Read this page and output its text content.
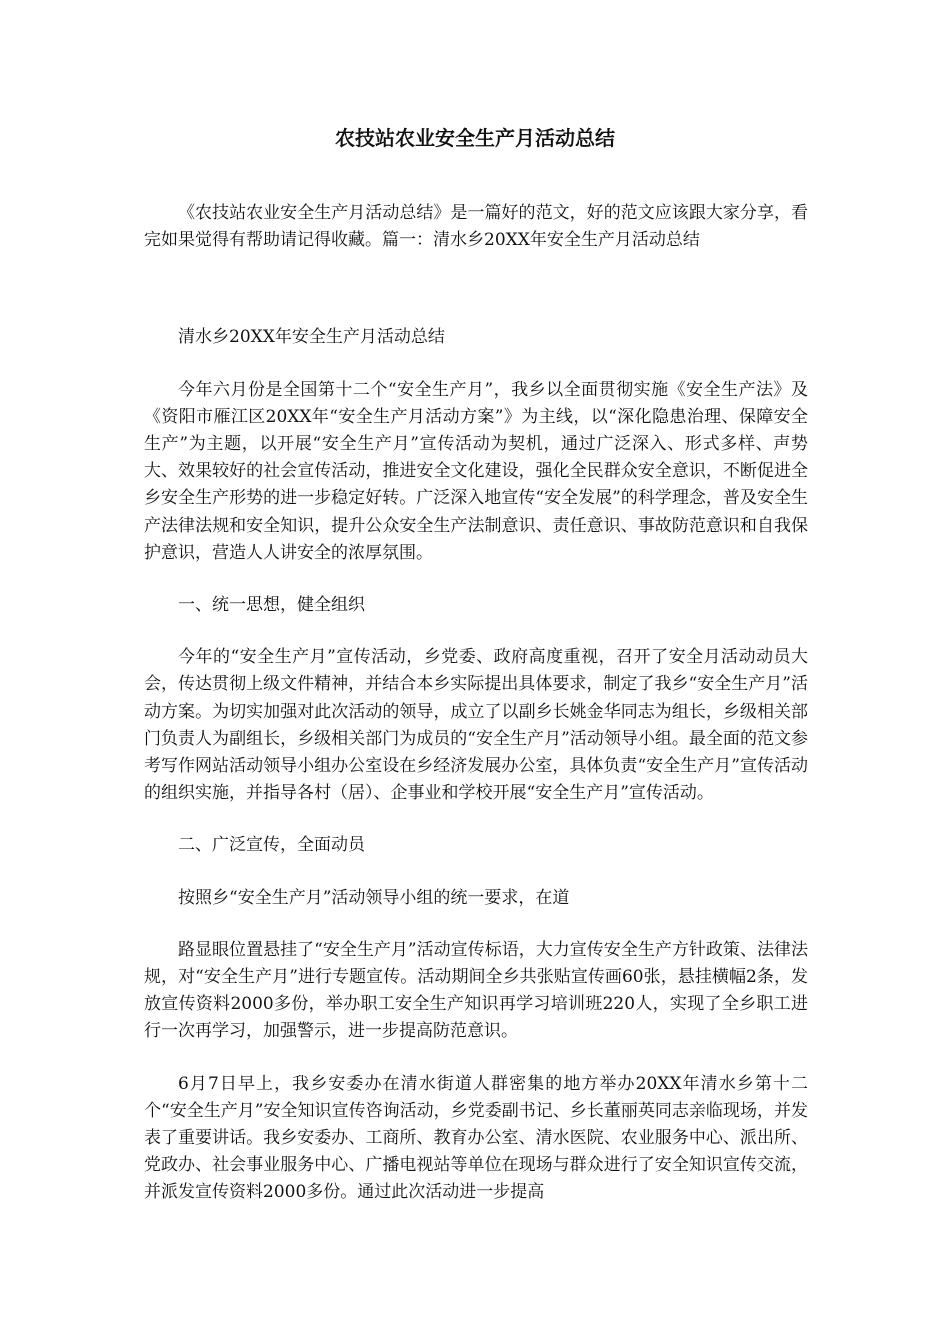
农技站农业安全生产月活动总结

《农技站农业安全生产月活动总结》是一篇好的范文，好的范文应该跟大家分享，看完如果觉得有帮助请记得收藏。篇一：清水乡20XX年安全生产月活动总结

清水乡20XX年安全生产月活动总结

今年六月份是全国第十二个“安全生产月”，我乡以全面贯彻实施《安全生产法》及《资阳市雁江区20XX年“安全生产月活动方案”》为主线，以“深化隐患治理、保障安全生产”为主题，以开展“安全生产月”宣传活动为契机，通过广泛深入、形式多样、声势大、效果较好的社会宣传活动，推进安全文化建设，强化全民群众安全意识，不断促进全乡安全生产形势的进一步稳定好转。广泛深入地宣传“安全发展”的科学理念，普及安全生产法律法规和安全知识，提升公众安全生产法制意识、责任意识、事故防范意识和自我保护意识，营造人人讲安全的浓厚氛围。

一、统一思想，健全组织

今年的“安全生产月”宣传活动，乡党委、政府高度重视，召开了安全月活动动员大会，传达贯彻上级文件精神，并结合本乡实际提出具体要求，制定了我乡“安全生产月”活动方案。为切实加强对此次活动的领导，成立了以副乡长姚金华同志为组长，乡级相关部门负责人为副组长，乡级相关部门为成员的“安全生产月”活动领导小组。最全面的范文参考写作网站活动领导小组办公室设在乡经济发展办公室，具体负责“安全生产月”宣传活动的组织实施，并指导各村（居）、企事业和学校开展“安全生产月”宣传活动。

二、广泛宣传，全面动员

按照乡“安全生产月”活动领导小组的统一要求，在道

路显眼位置悬挂了“安全生产月”活动宣传标语，大力宣传安全生产方针政策、法律法规，对“安全生产月”进行专题宣传。活动期间全乡共张贴宣传画60张，悬挂横幅2条，发放宣传资料2000多份，举办职工安全生产知识再学习培训班220人，实现了全乡职工进行一次再学习，加强警示，进一步提高防范意识。

6月7日早上，我乡安委办在清水街道人群密集的地方举办20XX年清水乡第十二个“安全生产月”安全知识宣传咨询活动，乡党委副书记、乡长董丽英同志亲临现场，并发表了重要讲话。我乡安委办、工商所、教育办公室、清水医院、农业服务中心、派出所、党政办、社会事业服务中心、广播电视站等单位在现场与群众进行了安全知识宣传交流，并派发宣传资料2000多份。通过此次活动进一步提高
